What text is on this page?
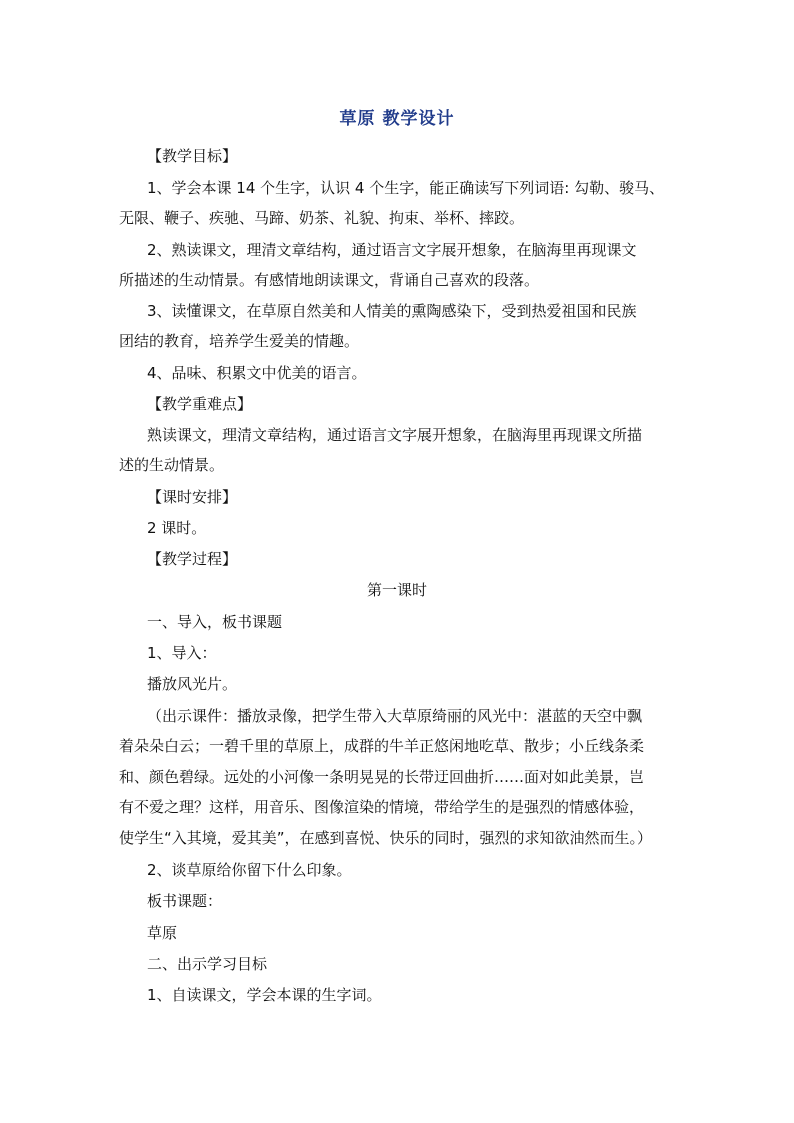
草原 教学设计
【教学目标】
1、学会本课 14 个生字，认识 4 个生字，能正确读写下列词语: 勾勒、骏马、
无限、鞭子、疾驰、马蹄、奶茶、礼貌、拘束、举杯、摔跤。
2、熟读课文，理清文章结构，通过语言文字展开想象，在脑海里再现课文
所描述的生动情景。有感情地朗读课文，背诵自己喜欢的段落。
3、读懂课文，在草原自然美和人情美的熏陶感染下，受到热爱祖国和民族
团结的教育，培养学生爱美的情趣。
4、品味、积累文中优美的语言。
【教学重难点】
熟读课文，理清文章结构，通过语言文字展开想象，在脑海里再现课文所描
述的生动情景。
【课时安排】
2 课时。
【教学过程】
第一课时
一、导入，板书课题
1、导入：
播放风光片。
（出示课件：播放录像，把学生带入大草原绮丽的风光中：湛蓝的天空中飘
着朵朵白云；一碧千里的草原上，成群的牛羊正悠闲地吃草、散步；小丘线条柔
和、颜色碧绿。远处的小河像一条明晃晃的长带迂回曲折……面对如此美景，岂
有不爱之理？这样，用音乐、图像渲染的情境，带给学生的是强烈的情感体验，
使学生“入其境，爱其美”，在感到喜悦、快乐的同时，强烈的求知欲油然而生。）
2、谈草原给你留下什么印象。
板书课题：
草原
二、出示学习目标
1、自读课文，学会本课的生字词。
